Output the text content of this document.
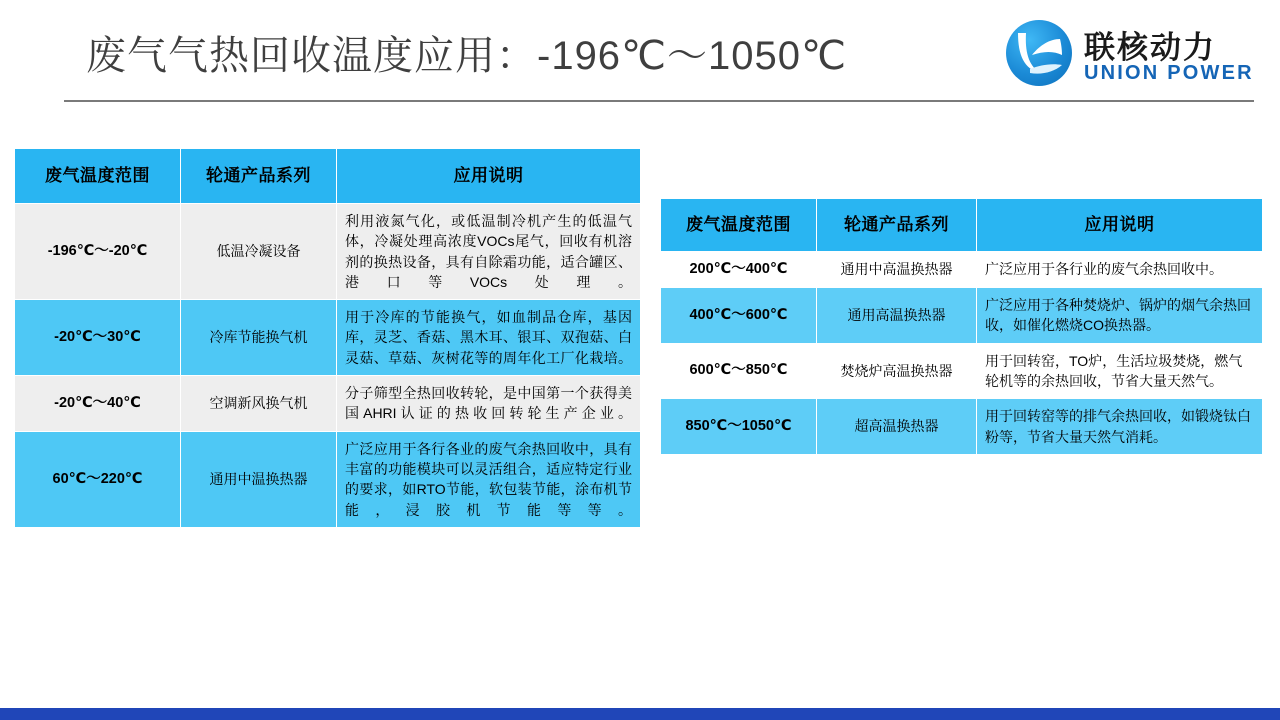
废气气热回收温度应用：-196℃～1050℃	联核动力
UNION POWER
废气温度范围	轮通产品系列	应用说明
-196℃～-20℃	低温冷凝设备	利用液氮气化，或低温制冷机产生的低温气体，冷凝处理高浓度VOCs尾气，回收有机溶剂的换热设备，具有自除霜功能，适合罐区、港口等VOCs处理。
-20℃～30℃	冷库节能换气机	用于冷库的节能换气，如血制品仓库，基因库，灵芝、香菇、黑木耳、银耳、双孢菇、白灵菇、草菇、灰树花等的周年化工厂化栽培。
-20℃～40℃	空调新风换气机	分子筛型全热回收转轮，是中国第一个获得美国AHRI认证的热收回转轮生产企业。
60℃～220℃	通用中温换热器	广泛应用于各行各业的废气余热回收中，具有丰富的功能模块可以灵活组合，适应特定行业的要求，如RTO节能，软包装节能，涂布机节能，浸胶机节能等等。
废气温度范围	轮通产品系列	应用说明
200℃～400℃	通用中高温换热器	广泛应用于各行业的废气余热回收中。
400℃～600℃	通用高温换热器	广泛应用于各种焚烧炉、锅炉的烟气余热回收，如催化燃烧CO换热器。
600℃～850℃	焚烧炉高温换热器	用于回转窑，TO炉，生活垃圾焚烧，燃气轮机等的余热回收，节省大量天然气。
850℃～1050℃	超高温换热器	用于回转窑等的排气余热回收，如锻烧钛白粉等，节省大量天然气消耗。
